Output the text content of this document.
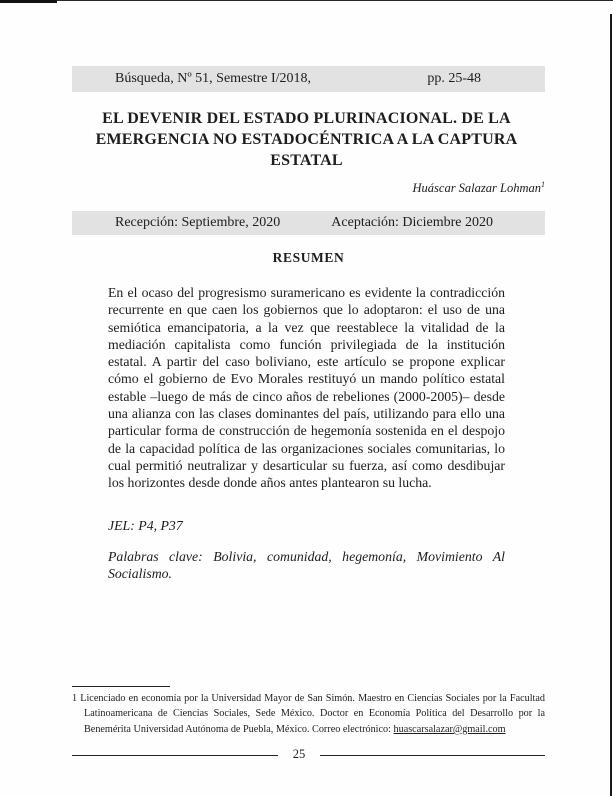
Búsqueda, Nº 51, Semestre I/2018,	pp. 25-48
EL DEVENIR DEL ESTADO PLURINACIONAL. DE LA EMERGENCIA NO ESTADOCÉNTRICA A LA CAPTURA ESTATAL
Huáscar Salazar Lohman$^1$
Recepción: Septiembre, 2020	Aceptación: Diciembre 2020
RESUMEN

En el ocaso del progresismo suramericano es evidente la contradicción recurrente en que caen los gobiernos que lo adoptaron: el uso de una semiótica emancipatoria, a la vez que reestablece la vitalidad de la mediación capitalista como función privilegiada de la institución estatal. A partir del caso boliviano, este artículo se propone explicar cómo el gobierno de Evo Morales restituyó un mando político estatal estable –luego de más de cinco años de rebeliones (2000-2005)– desde una alianza con las clases dominantes del país, utilizando para ello una particular forma de construcción de hegemonía sostenida en el despojo de la capacidad política de las organizaciones sociales comunitarias, lo cual permitió neutralizar y desarticular su fuerza, así como desdibujar los horizontes desde donde años antes plantearon su lucha.

JEL: P4, P37
Palabras clave: Bolivia, comunidad, hegemonía, Movimiento Al Socialismo.
1 Licenciado en economía por la Universidad Mayor de San Simón. Maestro en Ciencias Sociales por la Facultad Latinoamericana de Ciencias Sociales, Sede México. Doctor en Economía Política del Desarrollo por la Benemérita Universidad Autónoma de Puebla, México. Correo electrónico: huascarsalazar@gmail.com
25
